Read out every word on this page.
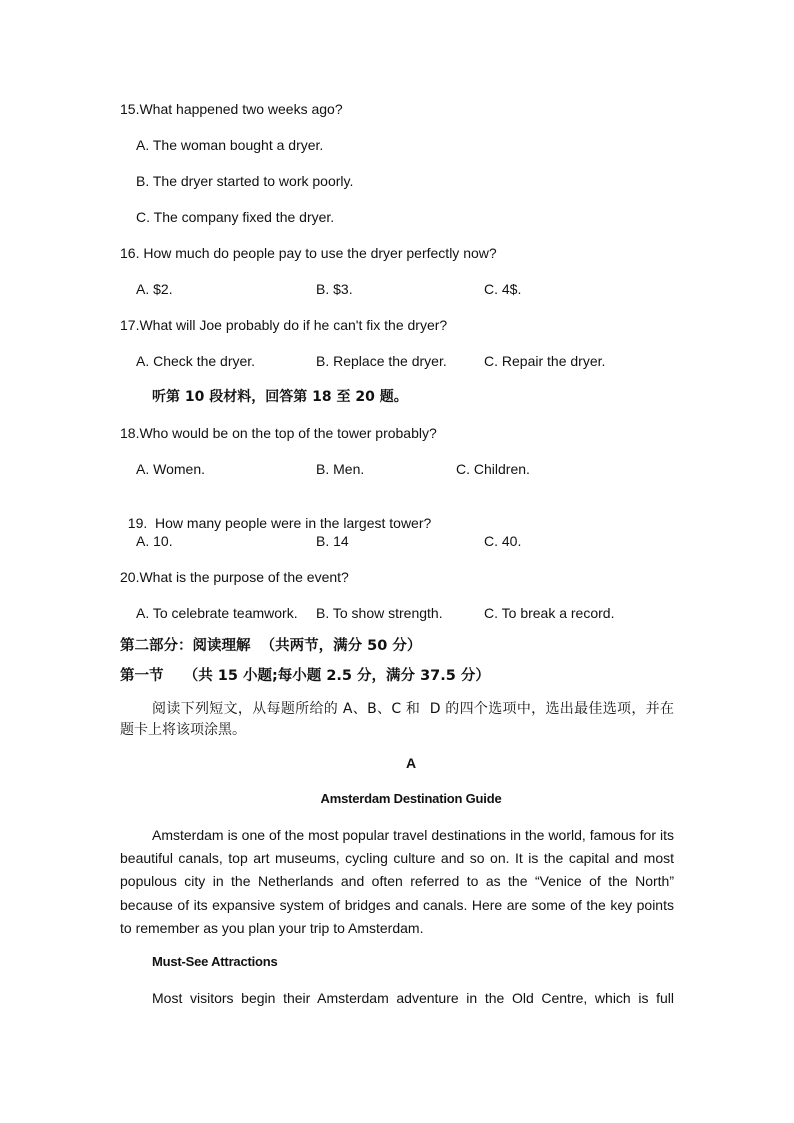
15.What happened two weeks ago?
A. The woman bought a dryer.
B. The dryer started to work poorly.
C. The company fixed the dryer.
16. How much do people pay to use the dryer perfectly now?
A. $2.	B. $3.	C. 4$.
17.What will Joe probably do if he can't fix the dryer?
A. Check the dryer.	B. Replace the dryer.	C. Repair the dryer.
听第 10 段材料，回答第 18 至 20 题。
18.Who would be on the top of the tower probably?
A. Women.	B. Men.	C. Children.

19.  How many people were in the largest tower?

A. 10.	B. 14	C. 40.
20.What is the purpose of the event?
A. To celebrate teamwork. B. To show strength.	C. To break a record.
第二部分：阅读理解  （共两节，满分 50 分）
第一节    （共 15 小题;每小题 2.5 分，满分 37.5 分）
阅读下列短文，从每题所给的 A、B、C 和  D 的四个选项中，选出最佳选项，并在题卡上将该项涂黑。
A
Amsterdam Destination Guide
Amsterdam is one of the most popular travel destinations in the world, famous for its beautiful canals, top art museums, cycling culture and so on. It is the capital and most populous city in the Netherlands and often referred to as the “Venice of the North” because of its expansive system of bridges and canals. Here are some of the key points to remember as you plan your trip to Amsterdam.
Must-See Attractions
Most visitors begin their Amsterdam adventure in the Old Centre, which is full
